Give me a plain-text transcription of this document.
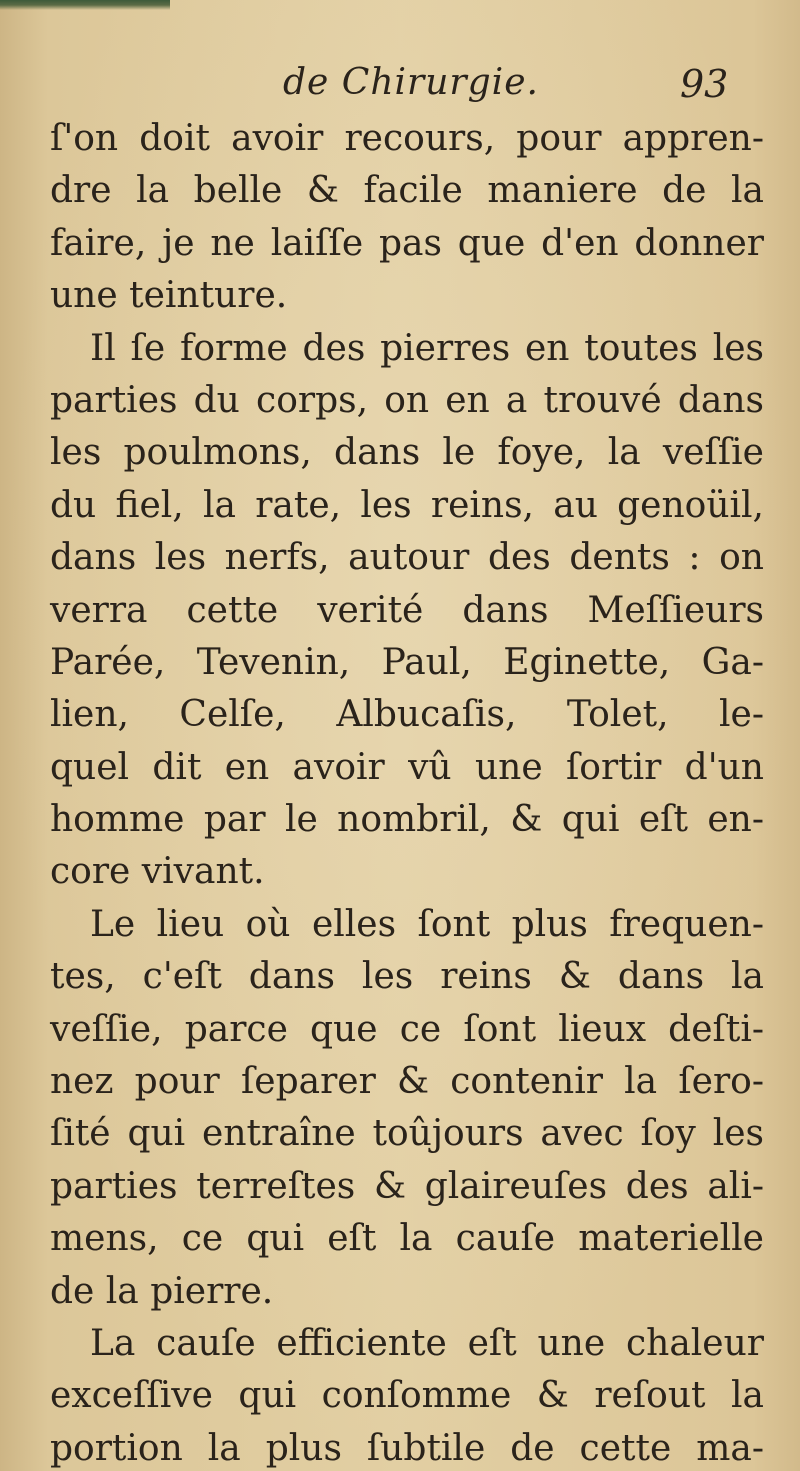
de Chirurgie.	93
ſ'on doit avoir recours, pour appren-
dre la belle & facile maniere de la
faire, je ne laiſſe pas que d'en donner
une teinture.
Il ſe forme des pierres en toutes les
parties du corps, on en a trouvé dans
les poulmons, dans le foye, la veſſie
du fiel, la rate, les reins, au genoüil,
dans les nerfs, autour des dents : on
verra cette verité dans Meſſieurs
Parée, Tevenin, Paul, Eginette, Ga-
lien, Celſe, Albucaſis, Tolet, le-
quel dit en avoir vû une ſortir d'un
homme par le nombril, & qui eſt en-
core vivant.
Le lieu où elles ſont plus frequen-
tes, c'eſt dans les reins & dans la
veſſie, parce que ce ſont lieux deſti-
nez pour ſeparer & contenir la ſero-
ſité qui entraîne toûjours avec ſoy les
parties terreſtes & glaireuſes des ali-
mens, ce qui eſt la cauſe materielle
de la pierre.
La cauſe efficiente eſt une chaleur
exceſſive qui conſomme & reſout la
portion la plus ſubtile de cette ma-
